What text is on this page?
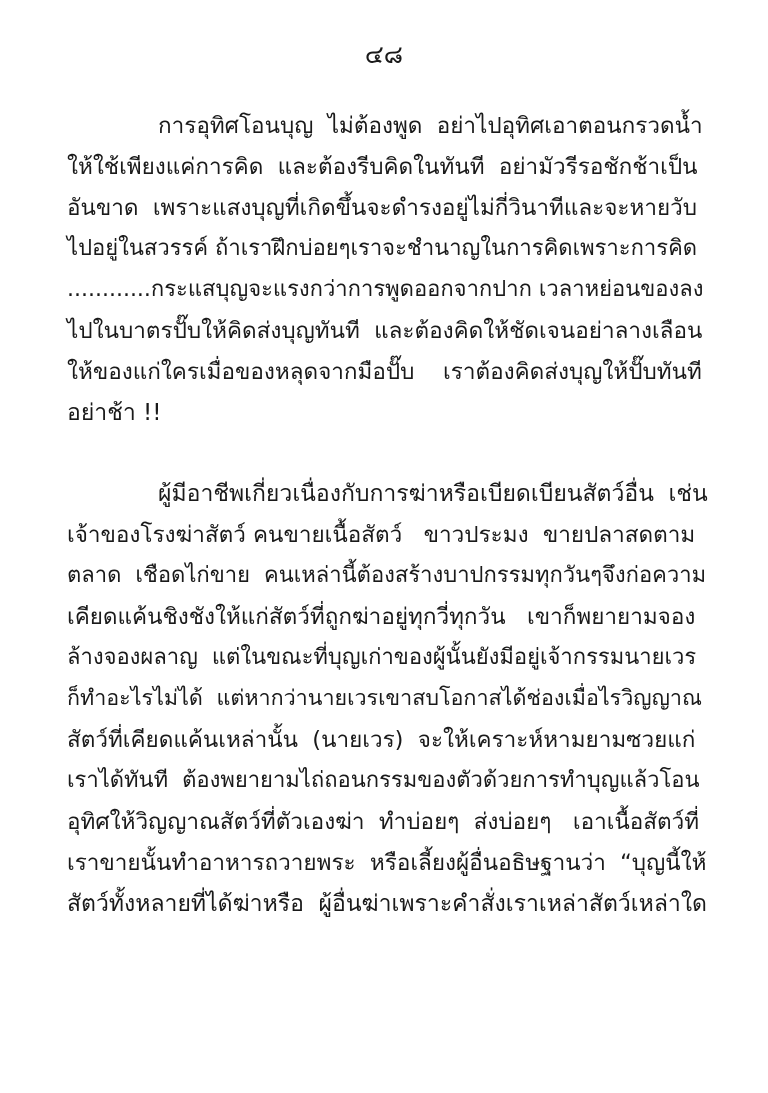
๔๘
การอุทิศโอนบุญ  ไม่ต้องพูด  อย่าไปอุทิศเอาตอนกรวดน้ำ
ให้ใช้เพียงแค่การคิด  และต้องรีบคิดในทันที  อย่ามัวรีรอชักช้าเป็น
อันขาด  เพราะแสงบุญที่เกิดขึ้นจะดำรงอยู่ไม่กี่วินาทีและจะหายวับ
ไปอยู่ในสวรรค์ ถ้าเราฝึกบ่อยๆเราจะชำนาญในการคิดเพราะการคิด
............กระแสบุญจะแรงกว่าการพูดออกจากปาก เวลาหย่อนของลง
ไปในบาตรปั๊บให้คิดส่งบุญทันที  และต้องคิดให้ชัดเจนอย่าลางเลือน
ให้ของแก่ใครเมื่อของหลุดจากมือปั๊บ    เราต้องคิดส่งบุญให้ปั๊บทันที
อย่าช้า !!
ผู้มีอาชีพเกี่ยวเนื่องกับการฆ่าหรือเบียดเบียนสัตว์อื่น  เช่น
เจ้าของโรงฆ่าสัตว์ คนขายเนื้อสัตว์   ขาวประมง  ขายปลาสดตาม
ตลาด  เชือดไก่ขาย  คนเหล่านี้ต้องสร้างบาปกรรมทุกวันๆจึงก่อความ
เคียดแค้นชิงชังให้แก่สัตว์ที่ถูกฆ่าอยู่ทุกวี่ทุกวัน   เขาก็พยายามจอง
ล้างจองผลาญ  แต่ในขณะที่บุญเก่าของผู้นั้นยังมีอยู่เจ้ากรรมนายเวร
ก็ทำอะไรไม่ได้  แต่หากว่านายเวรเขาสบโอกาสได้ช่องเมื่อไรวิญญาณ
สัตว์ที่เคียดแค้นเหล่านั้น  (นายเวร)  จะให้เคราะห์หามยามซวยแก่
เราได้ทันที  ต้องพยายามไถ่ถอนกรรมของตัวด้วยการทำบุญแล้วโอน
อุทิศให้วิญญาณสัตว์ที่ตัวเองฆ่า  ทำบ่อยๆ  ส่งบ่อยๆ   เอาเนื้อสัตว์ที่
เราขายนั้นทำอาหารถวายพระ  หรือเลี้ยงผู้อื่นอธิษฐานว่า  “บุญนี้ให้
สัตว์ทั้งหลายที่ได้ฆ่าหรือ  ผู้อื่นฆ่าเพราะคำสั่งเราเหล่าสัตว์เหล่าใด
